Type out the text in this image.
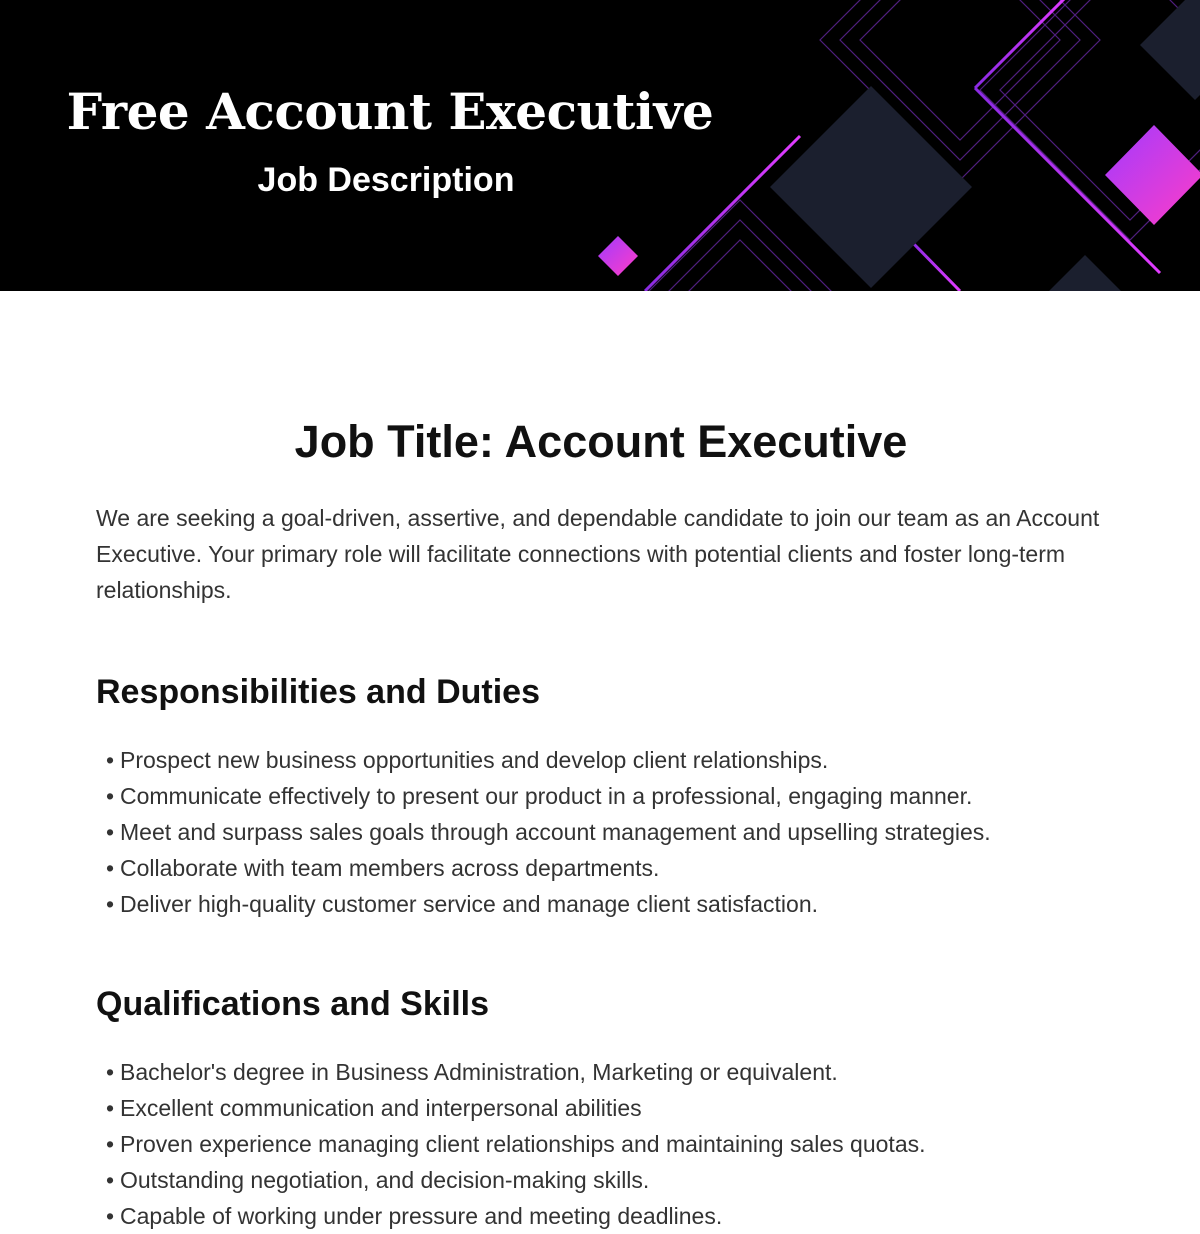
Free Account Executive
Job Description
Job Title: Account Executive

We are seeking a goal-driven, assertive, and dependable candidate to join our team as an Account Executive. Your primary role will facilitate connections with potential clients and foster long-term relationships.

Responsibilities and Duties
• Prospect new business opportunities and develop client relationships.
• Communicate effectively to present our product in a professional, engaging manner.
• Meet and surpass sales goals through account management and upselling strategies.
• Collaborate with team members across departments.
• Deliver high-quality customer service and manage client satisfaction.
Qualifications and Skills
• Bachelor's degree in Business Administration, Marketing or equivalent.
• Excellent communication and interpersonal abilities
• Proven experience managing client relationships and maintaining sales quotas.
• Outstanding negotiation, and decision-making skills.
• Capable of working under pressure and meeting deadlines.
